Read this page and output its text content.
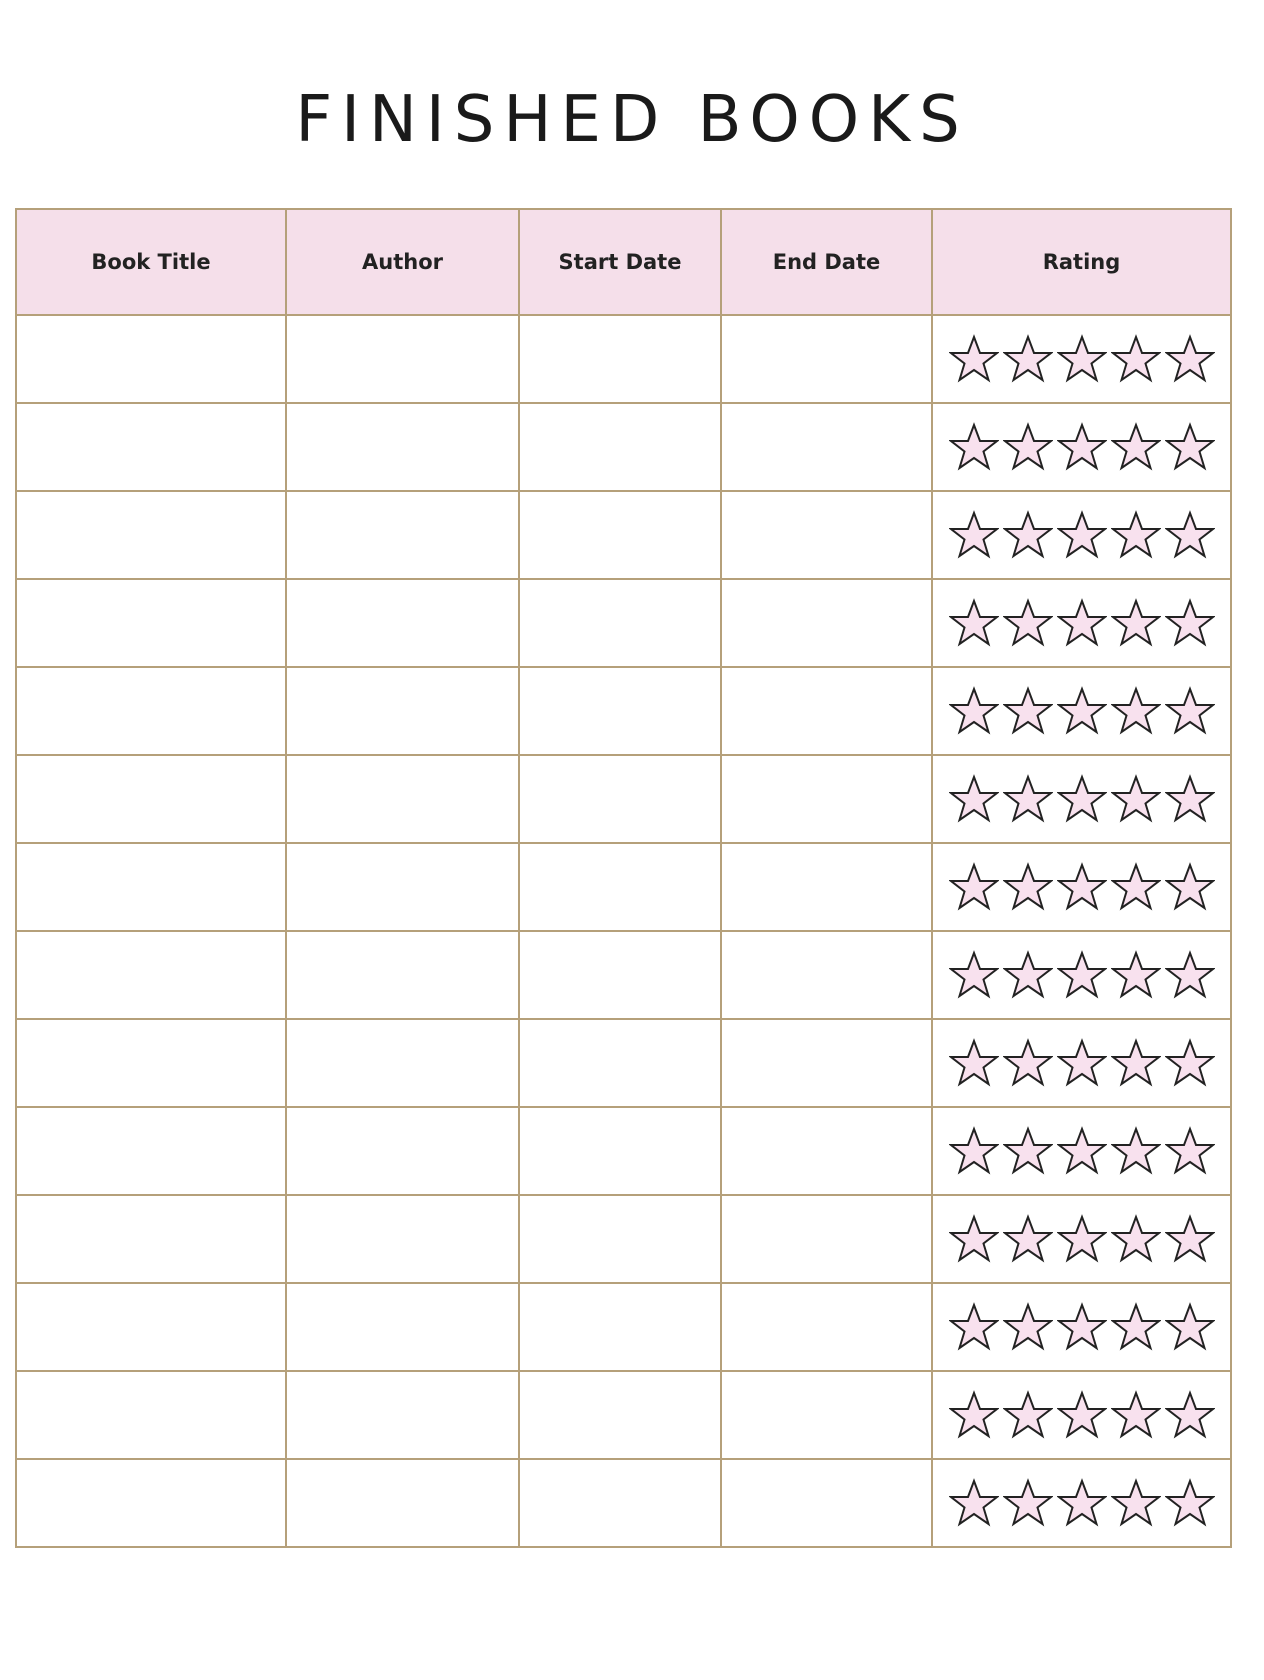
FINISHED BOOKS
Book Title	Author	Start Date	End Date	Rating
